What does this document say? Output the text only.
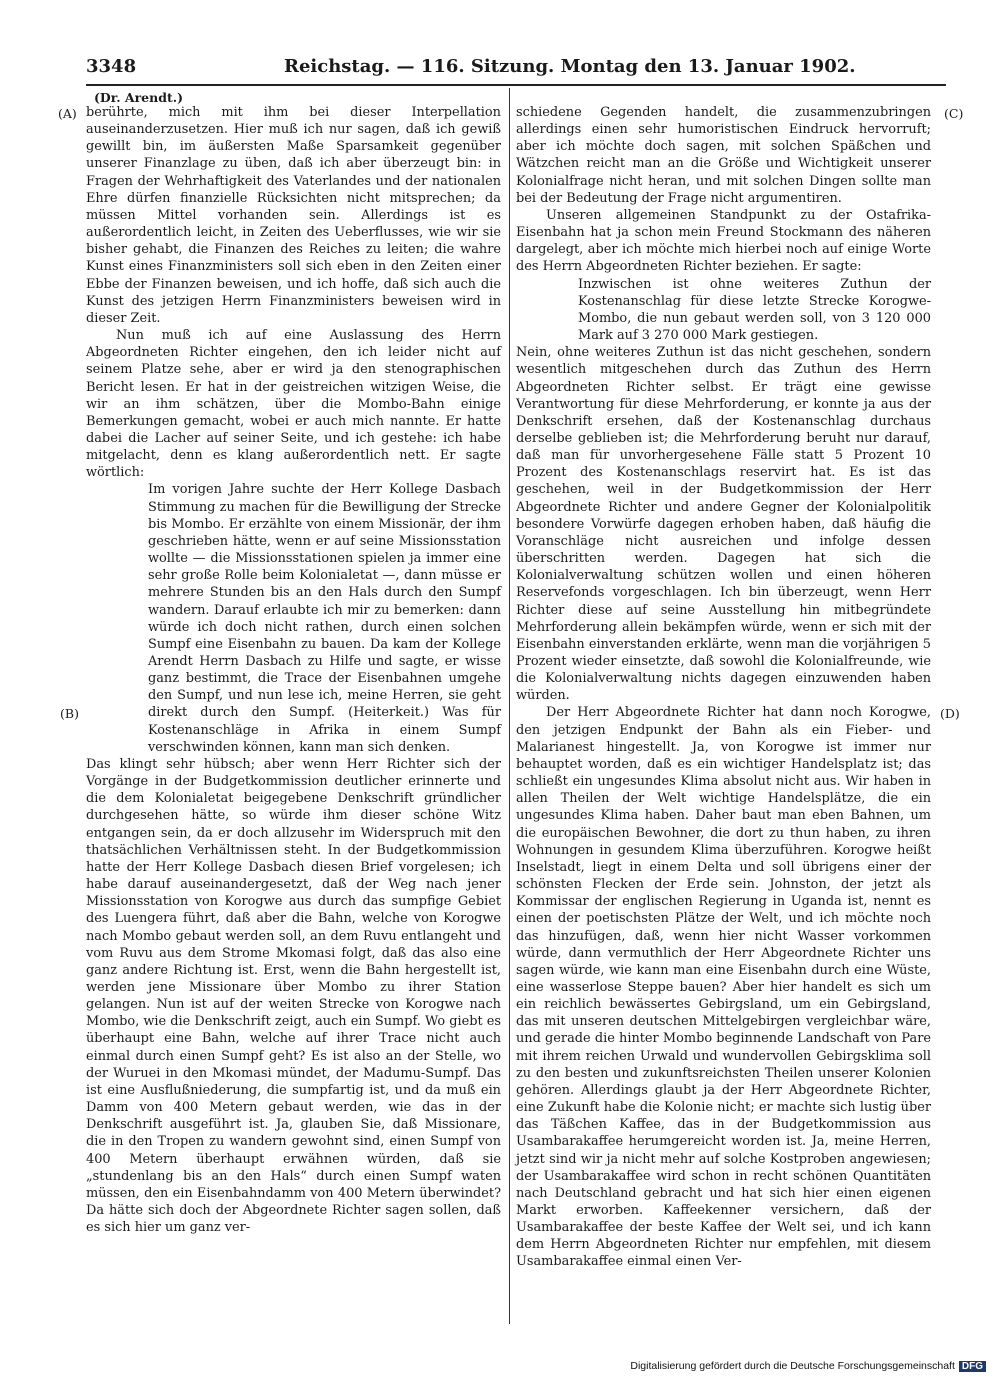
3348	Reichstag. — 116. Sitzung. Montag den 13. Januar 1902.
(Dr. Arendt.)
(A)
(B)
(C)
(D)

berührte, mich mit ihm bei dieser Interpellation auseinanderzusetzen. Hier muß ich nur sagen, daß ich gewiß gewillt bin, im äußersten Maße Sparsamkeit gegenüber unserer Finanzlage zu üben, daß ich aber überzeugt bin: in Fragen der Wehrhaftigkeit des Vaterlandes und der nationalen Ehre dürfen finanzielle Rücksichten nicht mitsprechen; da müssen Mittel vorhanden sein. Allerdings ist es außerordentlich leicht, in Zeiten des Ueberflusses, wie wir sie bisher gehabt, die Finanzen des Reiches zu leiten; die wahre Kunst eines Finanzministers soll sich eben in den Zeiten einer Ebbe der Finanzen beweisen, und ich hoffe, daß sich auch die Kunst des jetzigen Herrn Finanzministers beweisen wird in dieser Zeit.

Nun muß ich auf eine Auslassung des Herrn Abgeordneten Richter eingehen, den ich leider nicht auf seinem Platze sehe, aber er wird ja den stenographischen Bericht lesen. Er hat in der geistreichen witzigen Weise, die wir an ihm schätzen, über die Mombo-Bahn einige Bemerkungen gemacht, wobei er auch mich nannte. Er hatte dabei die Lacher auf seiner Seite, und ich gestehe: ich habe mitgelacht, denn es klang außerordentlich nett. Er sagte wörtlich:

Im vorigen Jahre suchte der Herr Kollege Dasbach Stimmung zu machen für die Bewilligung der Strecke bis Mombo. Er erzählte von einem Missionär, der ihm geschrieben hätte, wenn er auf seine Missionsstation wollte — die Missionsstationen spielen ja immer eine sehr große Rolle beim Kolonialetat —, dann müsse er mehrere Stunden bis an den Hals durch den Sumpf wandern. Darauf erlaubte ich mir zu bemerken: dann würde ich doch nicht rathen, durch einen solchen Sumpf eine Eisenbahn zu bauen. Da kam der Kollege Arendt Herrn Dasbach zu Hilfe und sagte, er wisse ganz bestimmt, die Trace der Eisenbahnen umgehe den Sumpf, und nun lese ich, meine Herren, sie geht direkt durch den Sumpf. (Heiterkeit.) Was für Kostenanschläge in Afrika in einem Sumpf verschwinden können, kann man sich denken.

Das klingt sehr hübsch; aber wenn Herr Richter sich der Vorgänge in der Budgetkommission deutlicher erinnerte und die dem Kolonialetat beigegebene Denkschrift gründlicher durchgesehen hätte, so würde ihm dieser schöne Witz entgangen sein, da er doch allzusehr im Widerspruch mit den thatsächlichen Verhältnissen steht. In der Budgetkommission hatte der Herr Kollege Dasbach diesen Brief vorgelesen; ich habe darauf auseinandergesetzt, daß der Weg nach jener Missionsstation von Korogwe aus durch das sumpfige Gebiet des Luengera führt, daß aber die Bahn, welche von Korogwe nach Mombo gebaut werden soll, an dem Ruvu entlangeht und vom Ruvu aus dem Strome Mkomasi folgt, daß das also eine ganz andere Richtung ist. Erst, wenn die Bahn hergestellt ist, werden jene Missionare über Mombo zu ihrer Station gelangen. Nun ist auf der weiten Strecke von Korogwe nach Mombo, wie die Denkschrift zeigt, auch ein Sumpf. Wo giebt es überhaupt eine Bahn, welche auf ihrer Trace nicht auch einmal durch einen Sumpf geht? Es ist also an der Stelle, wo der Wuruei in den Mkomasi mündet, der Madumu-Sumpf. Das ist eine Ausflußniederung, die sumpfartig ist, und da muß ein Damm von 400 Metern gebaut werden, wie das in der Denkschrift ausgeführt ist. Ja, glauben Sie, daß Missionare, die in den Tropen zu wandern gewohnt sind, einen Sumpf von 400 Metern überhaupt erwähnen würden, daß sie „stundenlang bis an den Hals“ durch einen Sumpf waten müssen, den ein Eisenbahndamm von 400 Metern überwindet? Da hätte sich doch der Abgeordnete Richter sagen sollen, daß es sich hier um ganz ver-

schiedene Gegenden handelt, die zusammenzubringen allerdings einen sehr humoristischen Eindruck hervorruft; aber ich möchte doch sagen, mit solchen Späßchen und Wätzchen reicht man an die Größe und Wichtigkeit unserer Kolonialfrage nicht heran, und mit solchen Dingen sollte man bei der Bedeutung der Frage nicht argumentiren.

Unseren allgemeinen Standpunkt zu der Ostafrika-Eisenbahn hat ja schon mein Freund Stockmann des näheren dargelegt, aber ich möchte mich hierbei noch auf einige Worte des Herrn Abgeordneten Richter beziehen. Er sagte:

Inzwischen ist ohne weiteres Zuthun der Kostenanschlag für diese letzte Strecke Korogwe-Mombo, die nun gebaut werden soll, von 3 120 000 Mark auf 3 270 000 Mark gestiegen.

Nein, ohne weiteres Zuthun ist das nicht geschehen, sondern wesentlich mitgeschehen durch das Zuthun des Herrn Abgeordneten Richter selbst. Er trägt eine gewisse Verantwortung für diese Mehrforderung, er konnte ja aus der Denkschrift ersehen, daß der Kostenanschlag durchaus derselbe geblieben ist; die Mehrforderung beruht nur darauf, daß man für unvorhergesehene Fälle statt 5 Prozent 10 Prozent des Kostenanschlags reservirt hat. Es ist das geschehen, weil in der Budgetkommission der Herr Abgeordnete Richter und andere Gegner der Kolonialpolitik besondere Vorwürfe dagegen erhoben haben, daß häufig die Voranschläge nicht ausreichen und infolge dessen überschritten werden. Dagegen hat sich die Kolonialverwaltung schützen wollen und einen höheren Reservefonds vorgeschlagen. Ich bin überzeugt, wenn Herr Richter diese auf seine Ausstellung hin mitbegründete Mehrforderung allein bekämpfen würde, wenn er sich mit der Eisenbahn einverstanden erklärte, wenn man die vorjährigen 5 Prozent wieder einsetzte, daß sowohl die Kolonialfreunde, wie die Kolonialverwaltung nichts dagegen einzuwenden haben würden.

Der Herr Abgeordnete Richter hat dann noch Korogwe, den jetzigen Endpunkt der Bahn als ein Fieber- und Malarianest hingestellt. Ja, von Korogwe ist immer nur behauptet worden, daß es ein wichtiger Handelsplatz ist; das schließt ein ungesundes Klima absolut nicht aus. Wir haben in allen Theilen der Welt wichtige Handelsplätze, die ein ungesundes Klima haben. Daher baut man eben Bahnen, um die europäischen Bewohner, die dort zu thun haben, zu ihren Wohnungen in gesundem Klima überzuführen. Korogwe heißt Inselstadt, liegt in einem Delta und soll übrigens einer der schönsten Flecken der Erde sein. Johnston, der jetzt als Kommissar der englischen Regierung in Uganda ist, nennt es einen der poetischsten Plätze der Welt, und ich möchte noch das hinzufügen, daß, wenn hier nicht Wasser vorkommen würde, dann vermuthlich der Herr Abgeordnete Richter uns sagen würde, wie kann man eine Eisenbahn durch eine Wüste, eine wasserlose Steppe bauen? Aber hier handelt es sich um ein reichlich bewässertes Gebirgsland, um ein Gebirgsland, das mit unseren deutschen Mittelgebirgen vergleichbar wäre, und gerade die hinter Mombo beginnende Landschaft von Pare mit ihrem reichen Urwald und wundervollen Gebirgsklima soll zu den besten und zukunftsreichsten Theilen unserer Kolonien gehören. Allerdings glaubt ja der Herr Abgeordnete Richter, eine Zukunft habe die Kolonie nicht; er machte sich lustig über das Täßchen Kaffee, das in der Budgetkommission aus Usambarakaffee herumgereicht worden ist. Ja, meine Herren, jetzt sind wir ja nicht mehr auf solche Kostproben angewiesen; der Usambarakaffee wird schon in recht schönen Quantitäten nach Deutschland gebracht und hat sich hier einen eigenen Markt erworben. Kaffeekenner versichern, daß der Usambarakaffee der beste Kaffee der Welt sei, und ich kann dem Herrn Abgeordneten Richter nur empfehlen, mit diesem Usambarakaffee einmal einen Ver-

Digitalisierung gefördert durch die Deutsche Forschungsgemeinschaft DFG
